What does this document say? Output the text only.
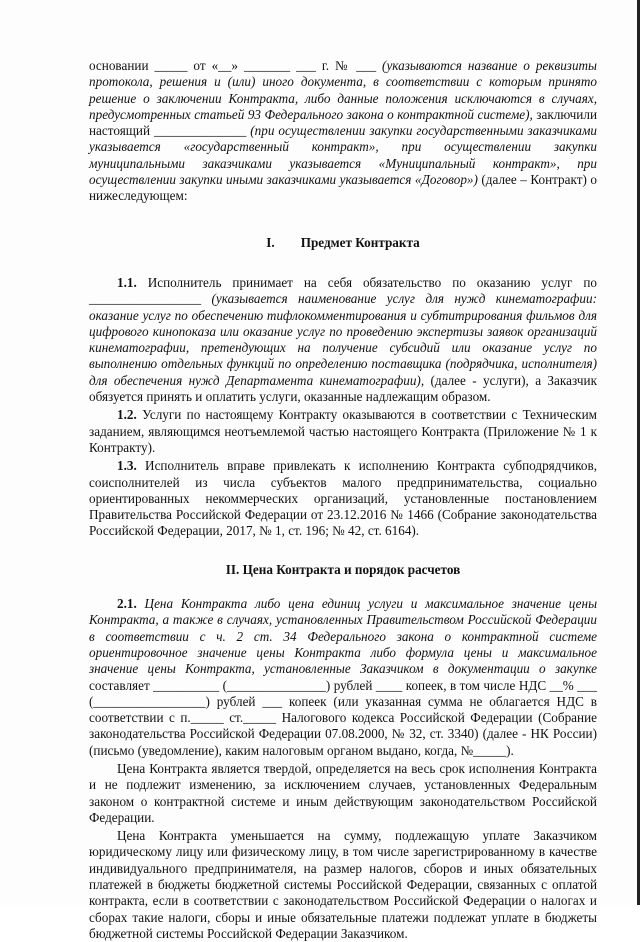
основании _____ от «__» _______ ___ г. № ___ (указываются название о реквизиты протокола, решения и (или) иного документа, в соответствии с которым принято решение о заключении Контракта, либо данные положения исключаются в случаях, предусмотренных статьей 93 Федерального закона о контрактной системе), заключили настоящий ______________ (при осуществлении закупки государственными заказчиками указывается «государственный контракт», при осуществлении закупки муниципальными заказчиками указывается «Муниципальный контракт», при осуществлении закупки иными заказчиками указывается «Договор») (далее – Контракт) о нижеследующем:

I. Предмет Контракта

1.1. Исполнитель принимает на себя обязательство по оказанию услуг по _________________ (указывается наименование услуг для нужд кинематографии: оказание услуг по обеспечению тифлокомментирования и субтитрирования фильмов для цифрового кинопоказа или оказание услуг по проведению экспертизы заявок организаций кинематографии, претендующих на получение субсидий или оказание услуг по выполнению отдельных функций по определению поставщика (подрядчика, исполнителя) для обеспечения нужд Департамента кинематографии), (далее - услуги), а Заказчик обязуется принять и оплатить услуги, оказанные надлежащим образом.

1.2. Услуги по настоящему Контракту оказываются в соответствии с Техническим заданием, являющимся неотъемлемой частью настоящего Контракта (Приложение № 1 к Контракту).

1.3. Исполнитель вправе привлекать к исполнению Контракта субподрядчиков, соисполнителей из числа субъектов малого предпринимательства, социально ориентированных некоммерческих организаций, установленные постановлением Правительства Российской Федерации от 23.12.2016 № 1466 (Собрание законодательства Российской Федерации, 2017, № 1, ст. 196; № 42, ст. 6164).

II. Цена Контракта и порядок расчетов

2.1. Цена Контракта либо цена единиц услуги и максимальное значение цены Контракта, а также в случаях, установленных Правительством Российской Федерации в соответствии с ч. 2 ст. 34 Федерального закона о контрактной системе ориентировочное значение цены Контракта либо формула цены и максимальное значение цены Контракта, установленные Заказчиком в документации о закупке составляет __________ (_______________) рублей ____ копеек, в том числе НДС __% ___ (_________________) рублей ___ копеек (или указанная сумма не облагается НДС в соответствии с п._____ ст._____ Налогового кодекса Российской Федерации (Собрание законодательства Российской Федерации 07.08.2000, № 32, ст. 3340) (далее - НК России) (письмо (уведомление), каким налоговым органом выдано, когда, №_____).

Цена Контракта является твердой, определяется на весь срок исполнения Контракта и не подлежит изменению, за исключением случаев, установленных Федеральным законом о контрактной системе и иным действующим законодательством Российской Федерации.

Цена Контракта уменьшается на сумму, подлежащую уплате Заказчиком юридическому лицу или физическому лицу, в том числе зарегистрированному в качестве индивидуального предпринимателя, на размер налогов, сборов и иных обязательных платежей в бюджеты бюджетной системы Российской Федерации, связанных с оплатой контракта, если в соответствии с законодательством Российской Федерации о налогах и сборах такие налоги, сборы и иные обязательные платежи подлежат уплате в бюджеты бюджетной системы Российской Федерации Заказчиком.
